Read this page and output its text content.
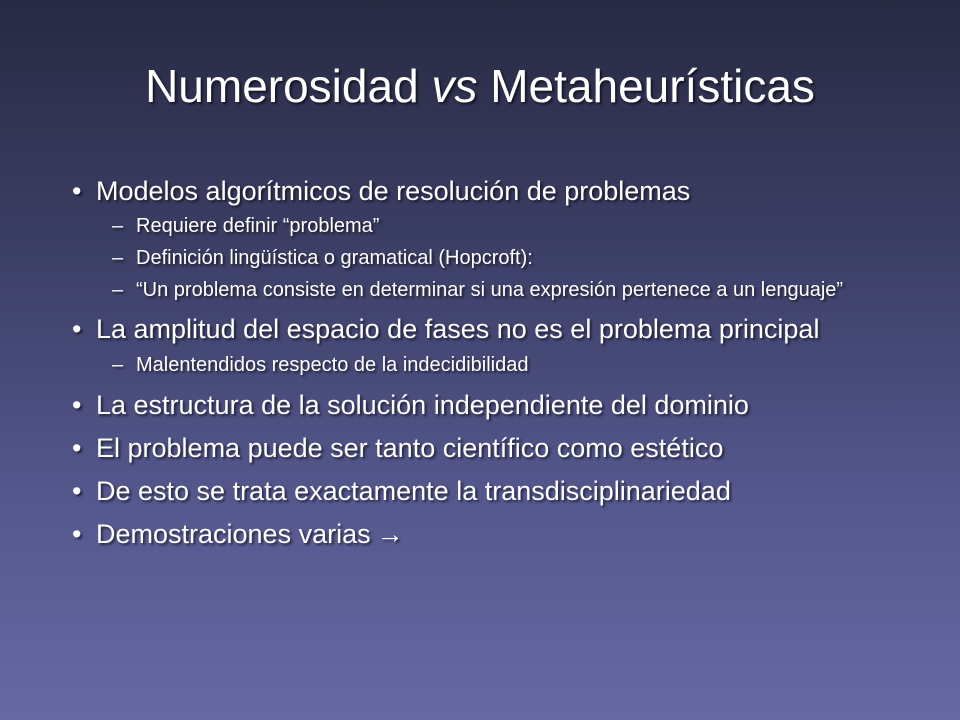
Numerosidad vs Metaheurísticas
• Modelos algorítmicos de resolución de problemas
– Requiere definir “problema”
– Definición lingüística o gramatical (Hopcroft):
– “Un problema consiste en determinar si una expresión pertenece a un lenguaje”
• La amplitud del espacio de fases no es el problema principal
– Malentendidos respecto de la indecidibilidad
• La estructura de la solución independiente del dominio
• El problema puede ser tanto científico como estético
• De esto se trata exactamente la transdisciplinariedad
• Demostraciones varias →
